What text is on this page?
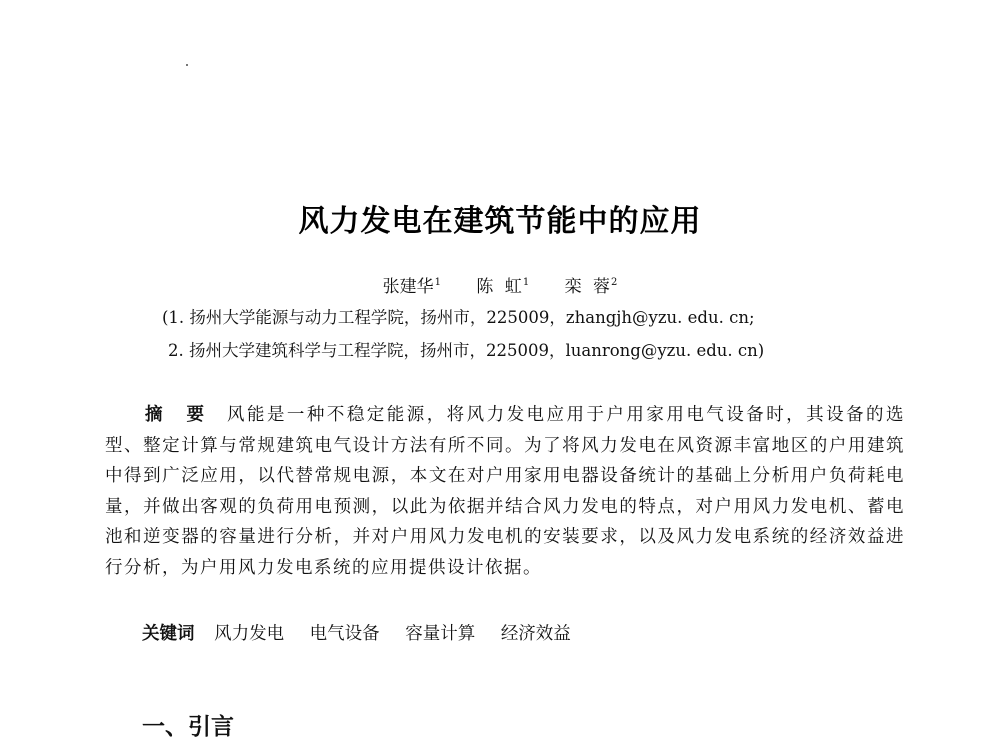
风力发电在建筑节能中的应用
张建华$^1$ 陈 虹$^1$ 栾 蓉$^2$
(1. 扬州大学能源与动力工程学院，扬州市，225009，zhangjh@yzu. edu. cn;
2. 扬州大学建筑科学与工程学院，扬州市，225009，luanrong@yzu. edu. cn)
摘 要 风能是一种不稳定能源，将风力发电应用于户用家用电气设备时，其设备的选型、整定计算与常规建筑电气设计方法有所不同。为了将风力发电在风资源丰富地区的户用建筑中得到广泛应用，以代替常规电源，本文在对户用家用电器设备统计的基础上分析用户负荷耗电量，并做出客观的负荷用电预测，以此为依据并结合风力发电的特点，对户用风力发电机、蓄电池和逆变器的容量进行分析，并对户用风力发电机的安装要求，以及风力发电系统的经济效益进行分析，为户用风力发电系统的应用提供设计依据。
关键词 风力发电 电气设备 容量计算 经济效益
一、引言
